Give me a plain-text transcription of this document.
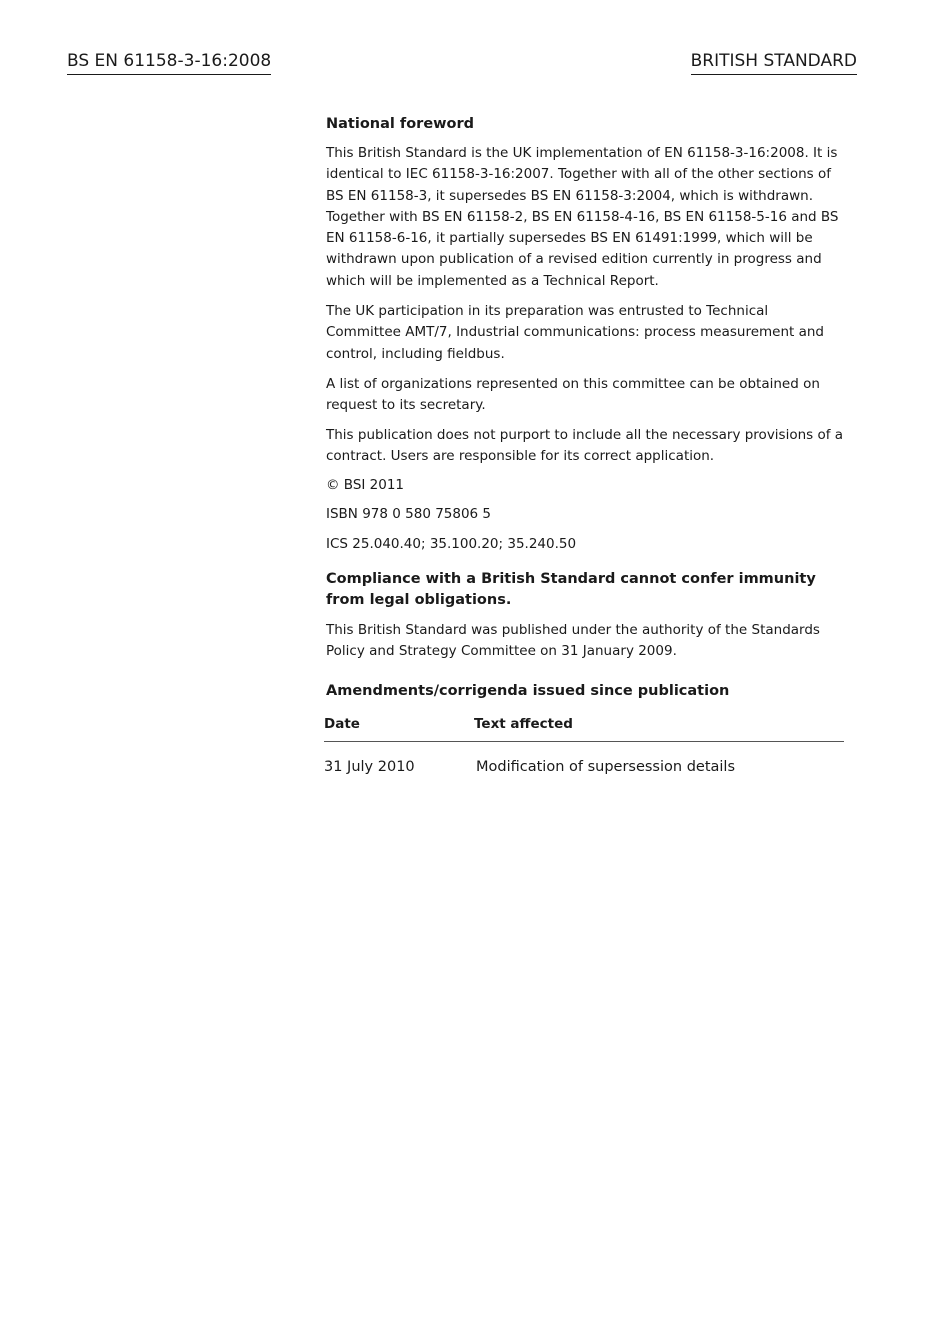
BS EN 61158-3-16:2008	BRITISH STANDARD

National foreword

This British Standard is the UK implementation of EN 61158-3-16:2008. It is identical to IEC 61158-3-16:2007. Together with all of the other sections of BS EN 61158-3, it supersedes BS EN 61158-3:2004, which is withdrawn. Together with BS EN 61158-2, BS EN 61158-4-16, BS EN 61158-5-16 and BS EN 61158-6-16, it partially supersedes BS EN 61491:1999, which will be withdrawn upon publication of a revised edition currently in progress and which will be implemented as a Technical Report.

The UK participation in its preparation was entrusted to Technical Committee AMT/7, Industrial communications: process measurement and control, including fieldbus.

A list of organizations represented on this committee can be obtained on request to its secretary.

This publication does not purport to include all the necessary provisions of a contract. Users are responsible for its correct application.

© BSI 2011

ISBN 978 0 580 75806 5

ICS 25.040.40; 35.100.20; 35.240.50

Compliance with a British Standard cannot confer immunity from legal obligations.

This British Standard was published under the authority of the Standards Policy and Strategy Committee on 31 January 2009.

Amendments/corrigenda issued since publication

Date	Text affected
31 July 2010	Modification of supersession details
